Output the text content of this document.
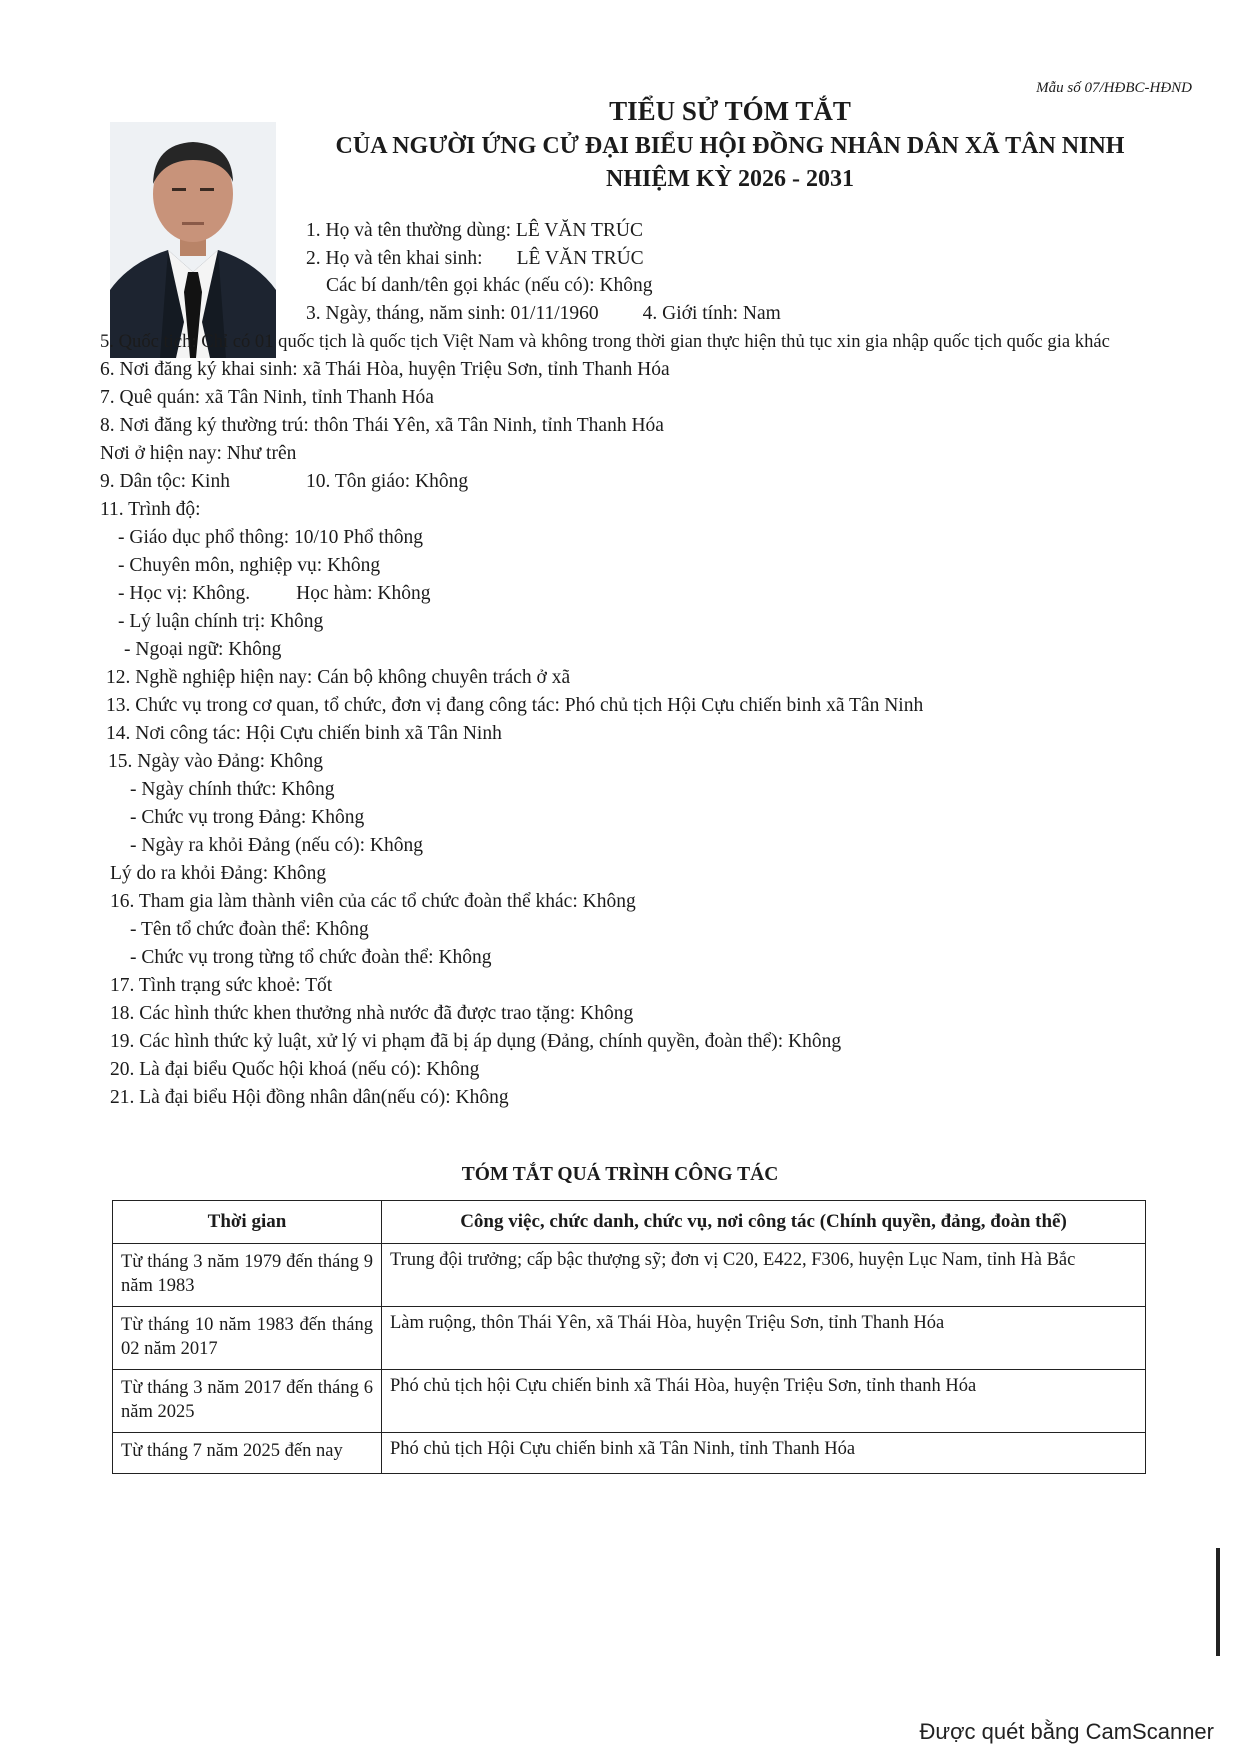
Mẫu số 07/HĐBC-HĐND
TIỂU SỬ TÓM TẮT
CỦA NGƯỜI ỨNG CỬ ĐẠI BIỂU HỘI ĐỒNG NHÂN DÂN XÃ TÂN NINH
NHIỆM KỲ 2026 - 2031
1. Họ và tên thường dùng: LÊ VĂN TRÚC
2. Họ và tên khai sinh: LÊ VĂN TRÚC
Các bí danh/tên gọi khác (nếu có): Không
3. Ngày, tháng, năm sinh: 01/11/1960 4. Giới tính: Nam
5. Quốc tịch: Chỉ có 01 quốc tịch là quốc tịch Việt Nam và không trong thời gian thực hiện thủ tục xin gia nhập quốc tịch quốc gia khác
6. Nơi đăng ký khai sinh: xã Thái Hòa, huyện Triệu Sơn, tỉnh Thanh Hóa
7. Quê quán: xã Tân Ninh, tỉnh Thanh Hóa
8. Nơi đăng ký thường trú: thôn Thái Yên, xã Tân Ninh, tỉnh Thanh Hóa
Nơi ở hiện nay: Như trên
9. Dân tộc: Kinh	10. Tôn giáo: Không
11. Trình độ:
- Giáo dục phổ thông: 10/10 Phổ thông
- Chuyên môn, nghiệp vụ: Không
- Học vị: Không. Học hàm: Không
- Lý luận chính trị: Không
- Ngoại ngữ: Không
12. Nghề nghiệp hiện nay: Cán bộ không chuyên trách ở xã
13. Chức vụ trong cơ quan, tổ chức, đơn vị đang công tác: Phó chủ tịch Hội Cựu chiến binh xã Tân Ninh
14. Nơi công tác: Hội Cựu chiến binh xã Tân Ninh
15. Ngày vào Đảng: Không
- Ngày chính thức: Không
- Chức vụ trong Đảng: Không
- Ngày ra khỏi Đảng (nếu có): Không
Lý do ra khỏi Đảng: Không
16. Tham gia làm thành viên của các tổ chức đoàn thể khác: Không
- Tên tổ chức đoàn thể: Không
- Chức vụ trong từng tổ chức đoàn thể: Không
17. Tình trạng sức khoẻ: Tốt
18. Các hình thức khen thưởng nhà nước đã được trao tặng: Không
19. Các hình thức kỷ luật, xử lý vi phạm đã bị áp dụng (Đảng, chính quyền, đoàn thể): Không
20. Là đại biểu Quốc hội khoá (nếu có): Không
21. Là đại biểu Hội đồng nhân dân(nếu có): Không
TÓM TẮT QUÁ TRÌNH CÔNG TÁC
Thời gian	Công việc, chức danh, chức vụ, nơi công tác (Chính quyền, đảng, đoàn thể)
Từ tháng 3 năm 1979 đến tháng 9 năm 1983	Trung đội trưởng; cấp bậc thượng sỹ; đơn vị C20, E422, F306, huyện Lục Nam, tỉnh Hà Bắc
Từ tháng 10 năm 1983 đến tháng 02 năm 2017	Làm ruộng, thôn Thái Yên, xã Thái Hòa, huyện Triệu Sơn, tỉnh Thanh Hóa
Từ tháng 3 năm 2017 đến tháng 6 năm 2025	Phó chủ tịch hội Cựu chiến binh xã Thái Hòa, huyện Triệu Sơn, tỉnh thanh Hóa
Từ tháng 7 năm 2025 đến nay	Phó chủ tịch Hội Cựu chiến binh xã Tân Ninh, tỉnh Thanh Hóa
Được quét bằng CamScanner
